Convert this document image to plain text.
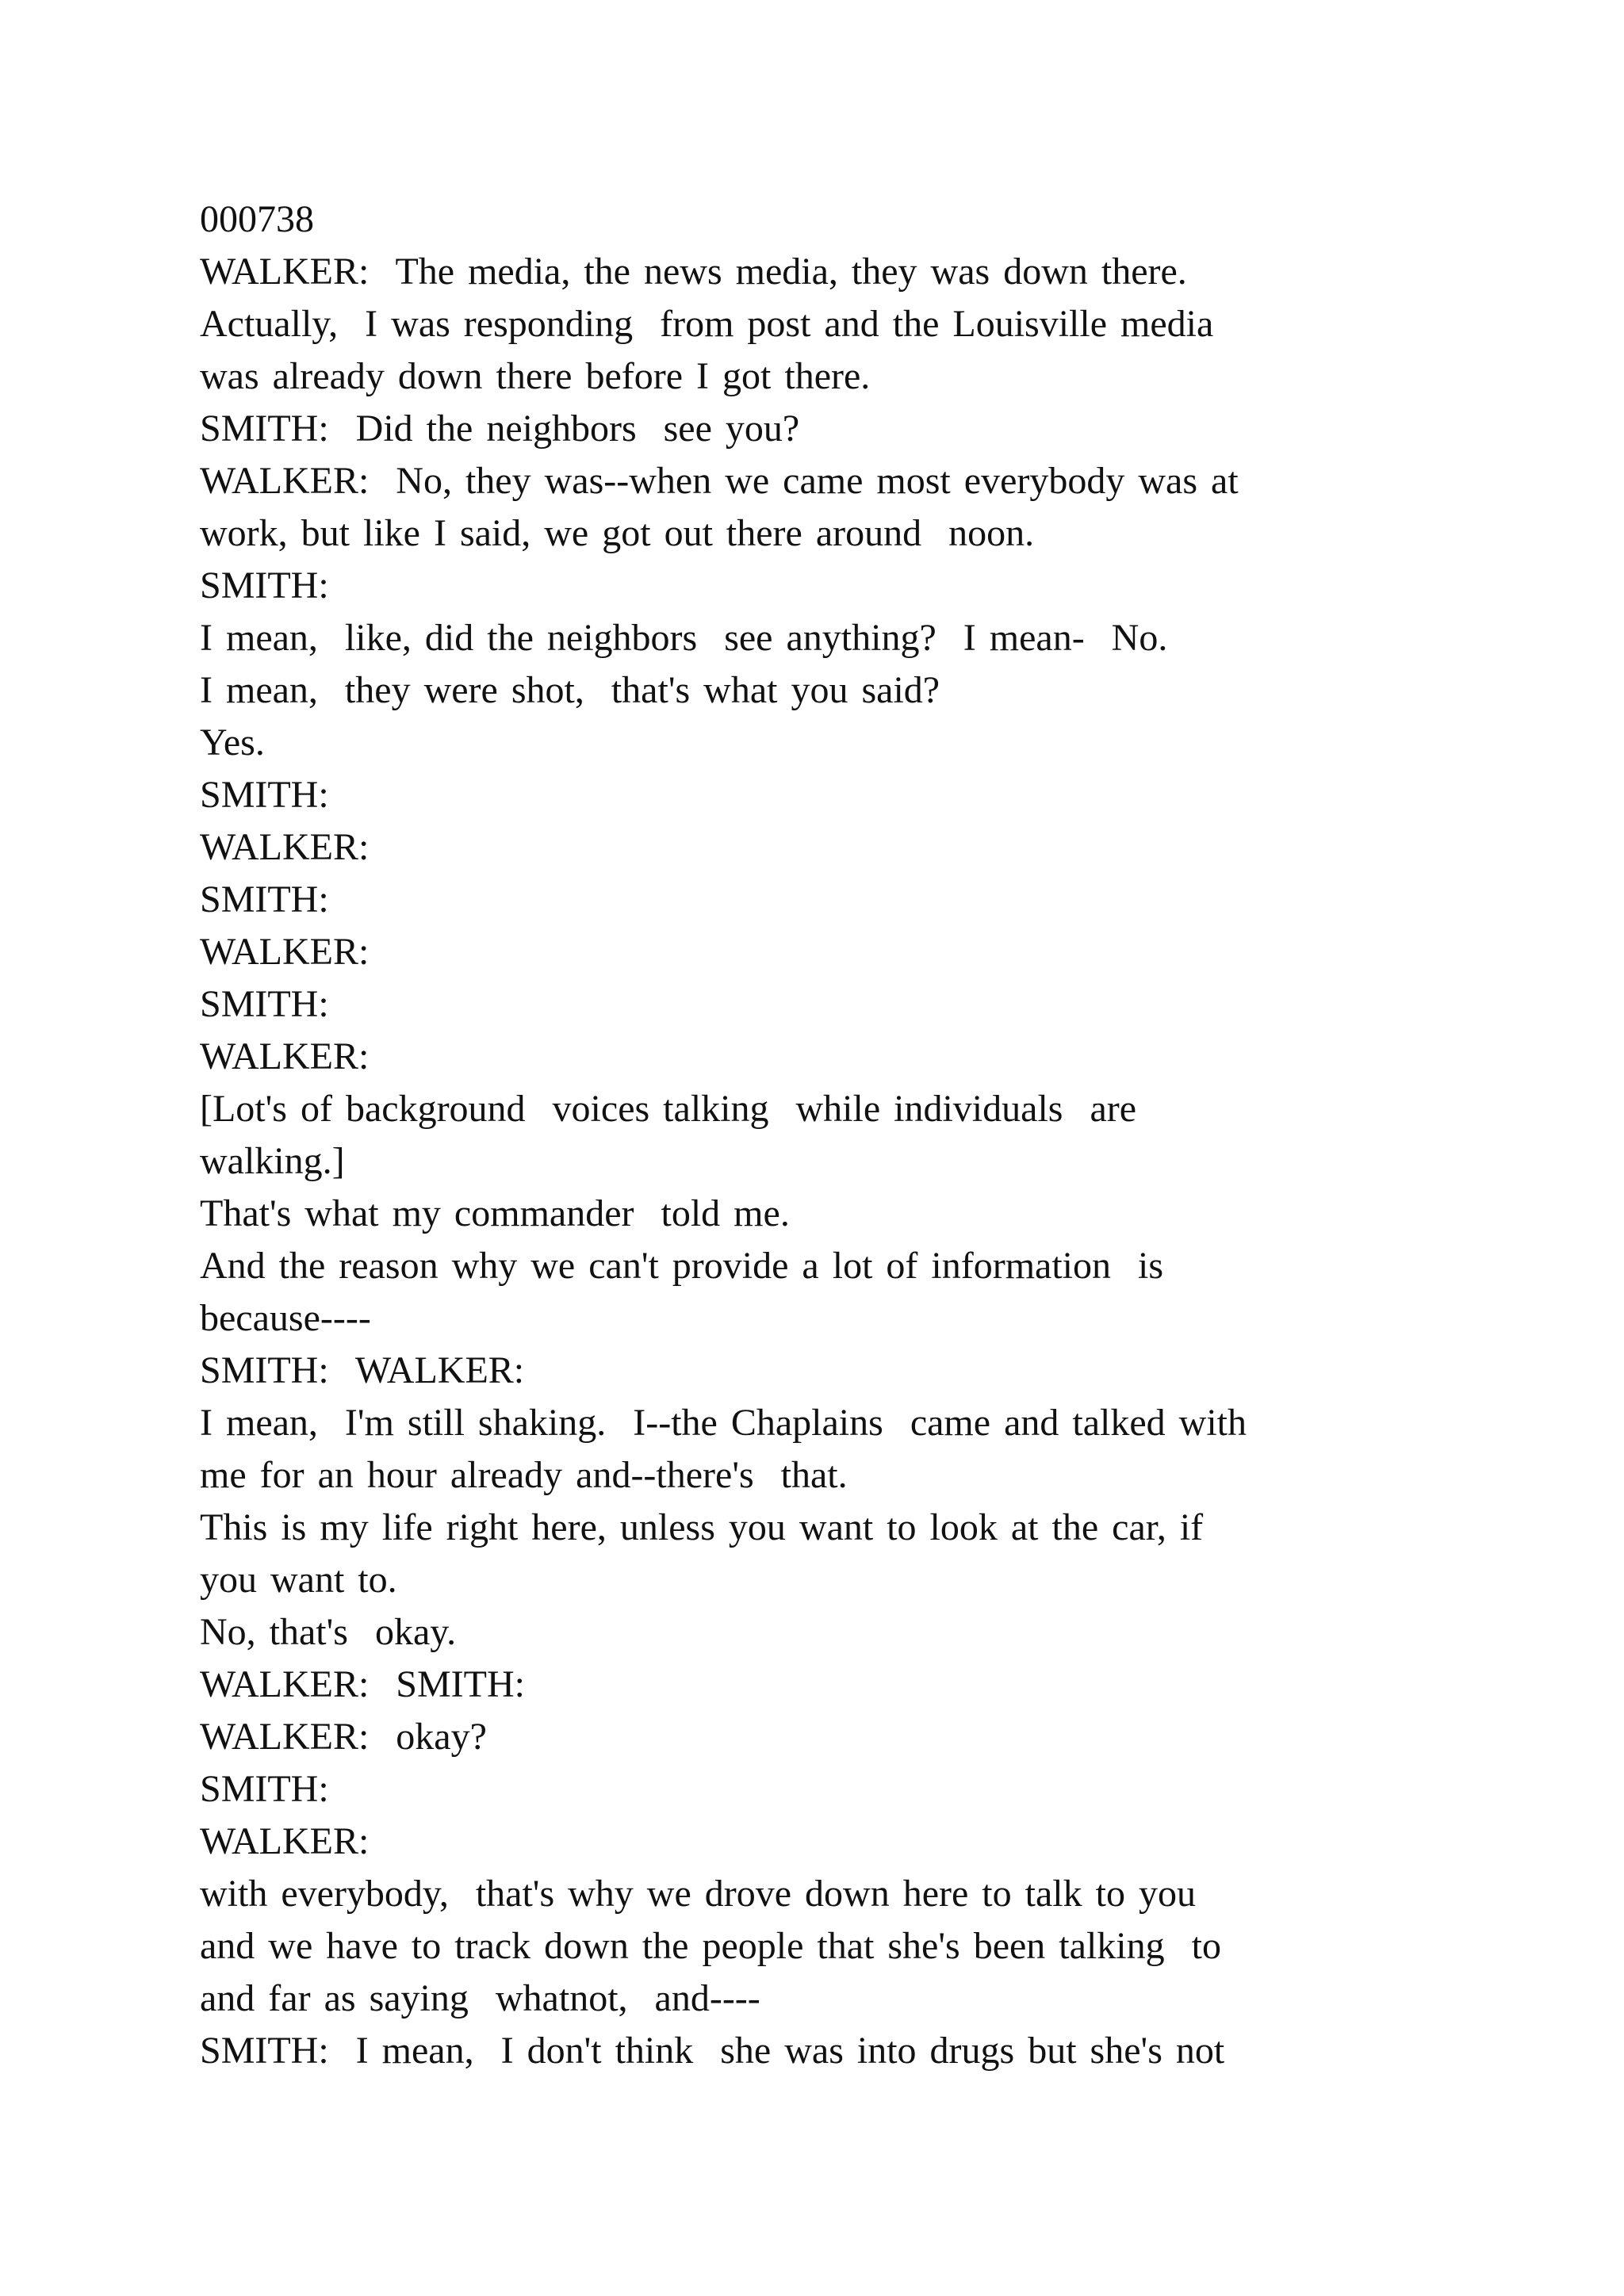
000738
WALKER:  The media, the news media, they was down there.
Actually,  I was responding  from post and the Louisville media
was already down there before I got there.
SMITH:  Did the neighbors  see you?
WALKER:  No, they was--when we came most everybody was at
work, but like I said, we got out there around  noon.
SMITH:
I mean,  like, did the neighbors  see anything?  I mean-  No.
I mean,  they were shot,  that's what you said?
Yes.
SMITH:
WALKER:
SMITH:
WALKER:
SMITH:
WALKER:
[Lot's of background  voices talking  while individuals  are
walking.]
That's what my commander  told me.
And the reason why we can't provide a lot of information  is
because----
SMITH:  WALKER:
I mean,  I'm still shaking.  I--the Chaplains  came and talked with
me for an hour already and--there's  that.
This is my life right here, unless you want to look at the car, if
you want to.
No, that's  okay.
WALKER:  SMITH:
WALKER:  okay?
SMITH:
WALKER:
with everybody,  that's why we drove down here to talk to you
and we have to track down the people that she's been talking  to
and far as saying  whatnot,  and----
SMITH:  I mean,  I don't think  she was into drugs but she's not
